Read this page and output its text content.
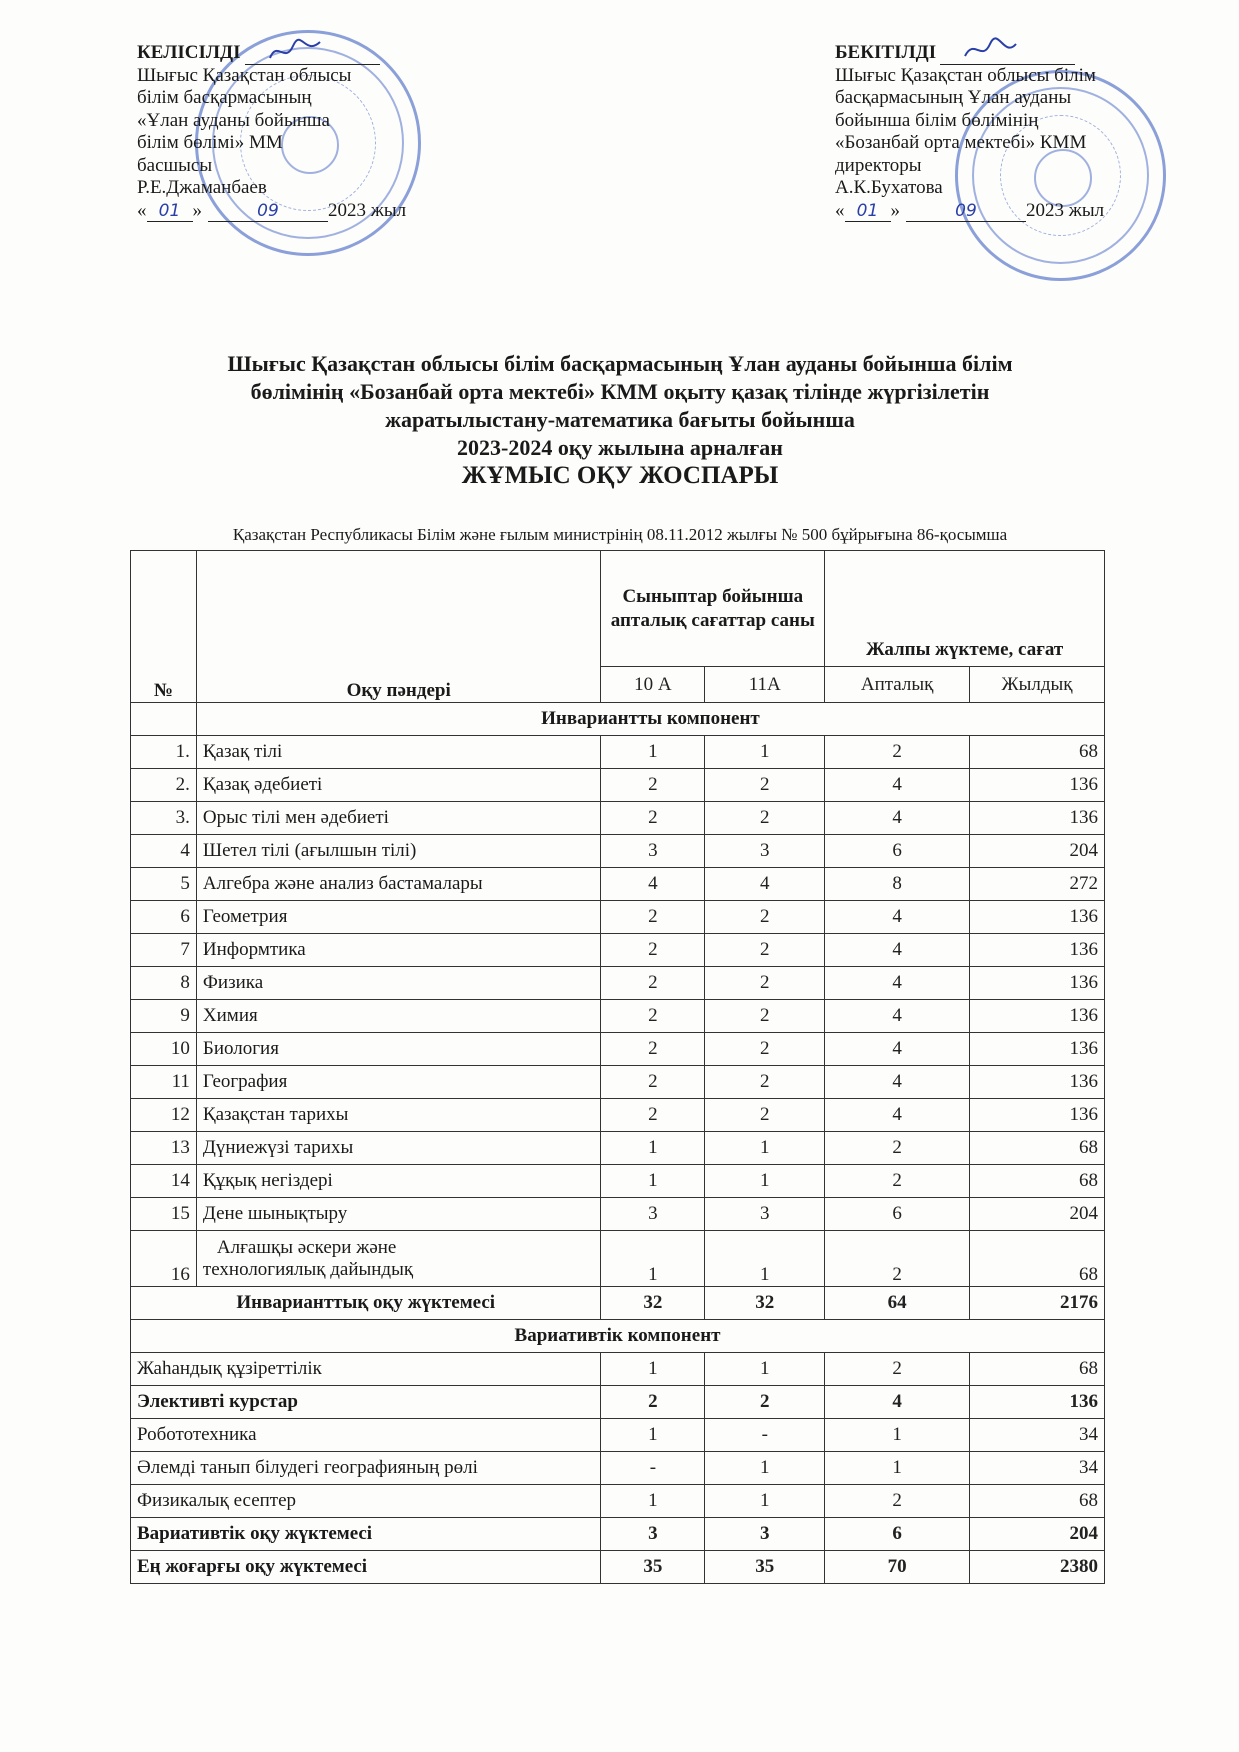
КЕЛІСІЛДІ
Шығыс Қазақстан облысы
білім басқармасының
«Ұлан ауданы бойынша
білім бөлімі» ММ
басшысы
Р.Е.Джаманбаев
« 01 »	09	2023 жыл
БЕКІТІЛДІ
Шығыс Қазақстан облысы білім
басқармасының Ұлан ауданы
бойынша білім бөлімінің
«Бозанбай орта мектебі» КММ
директоры
А.К.Бухатова
« 01 »	09	2023 жыл
Шығыс Қазақстан облысы білім басқармасының Ұлан ауданы бойынша білім
бөлімінің «Бозанбай орта мектебі» КММ оқыту қазақ тілінде жүргізілетін
жаратылыстану-математика бағыты бойынша
2023-2024 оқу жылына арналған
ЖҰМЫС ОҚУ ЖОСПАРЫ
Қазақстан Республикасы Білім және ғылым министрінің 08.11.2012 жылғы № 500 бұйрығына 86-қосымша
№	Оқу пәндері	Сыныптар бойынша апталық сағаттар саны		Жалпы жүктеме, сағат	
		10 А	11А	Апталық	Жылдық
	Инвариантты компонент				
1.	Қазақ тілі	1	1	2	68
2.	Қазақ әдебиеті	2	2	4	136
3.	Орыс тілі мен әдебиеті	2	2	4	136
4	Шетел тілі (ағылшын тілі)	3	3	6	204
5	Алгебра және анализ бастамалары	4	4	8	272
6	Геометрия	2	2	4	136
7	Информтика	2	2	4	136
8	Физика	2	2	4	136
9	Химия	2	2	4	136
10	Биология	2	2	4	136
11	География	2	2	4	136
12	Қазақстан тарихы	2	2	4	136
13	Дүниежүзі тарихы	1	1	2	68
14	Құқық негіздері	1	1	2	68
15	Дене шынықтыру	3	3	6	204
16	Алғашқы әскери және
технологиялық дайындық	1	1	2	68
Инварианттық оқу жүктемесі		32	32	64	2176
Вариативтік компонент					
Жаһандық құзіреттілік		1	1	2	68
Элективті курстар		2	2	4	136
Робототехника		1	-	1	34
Әлемді танып білудегі географияның рөлі		-	1	1	34
Физикалық есептер		1	1	2	68
Вариативтік оқу жүктемесі		3	3	6	204
Ең жоғарғы оқу жүктемесі		35	35	70	2380
